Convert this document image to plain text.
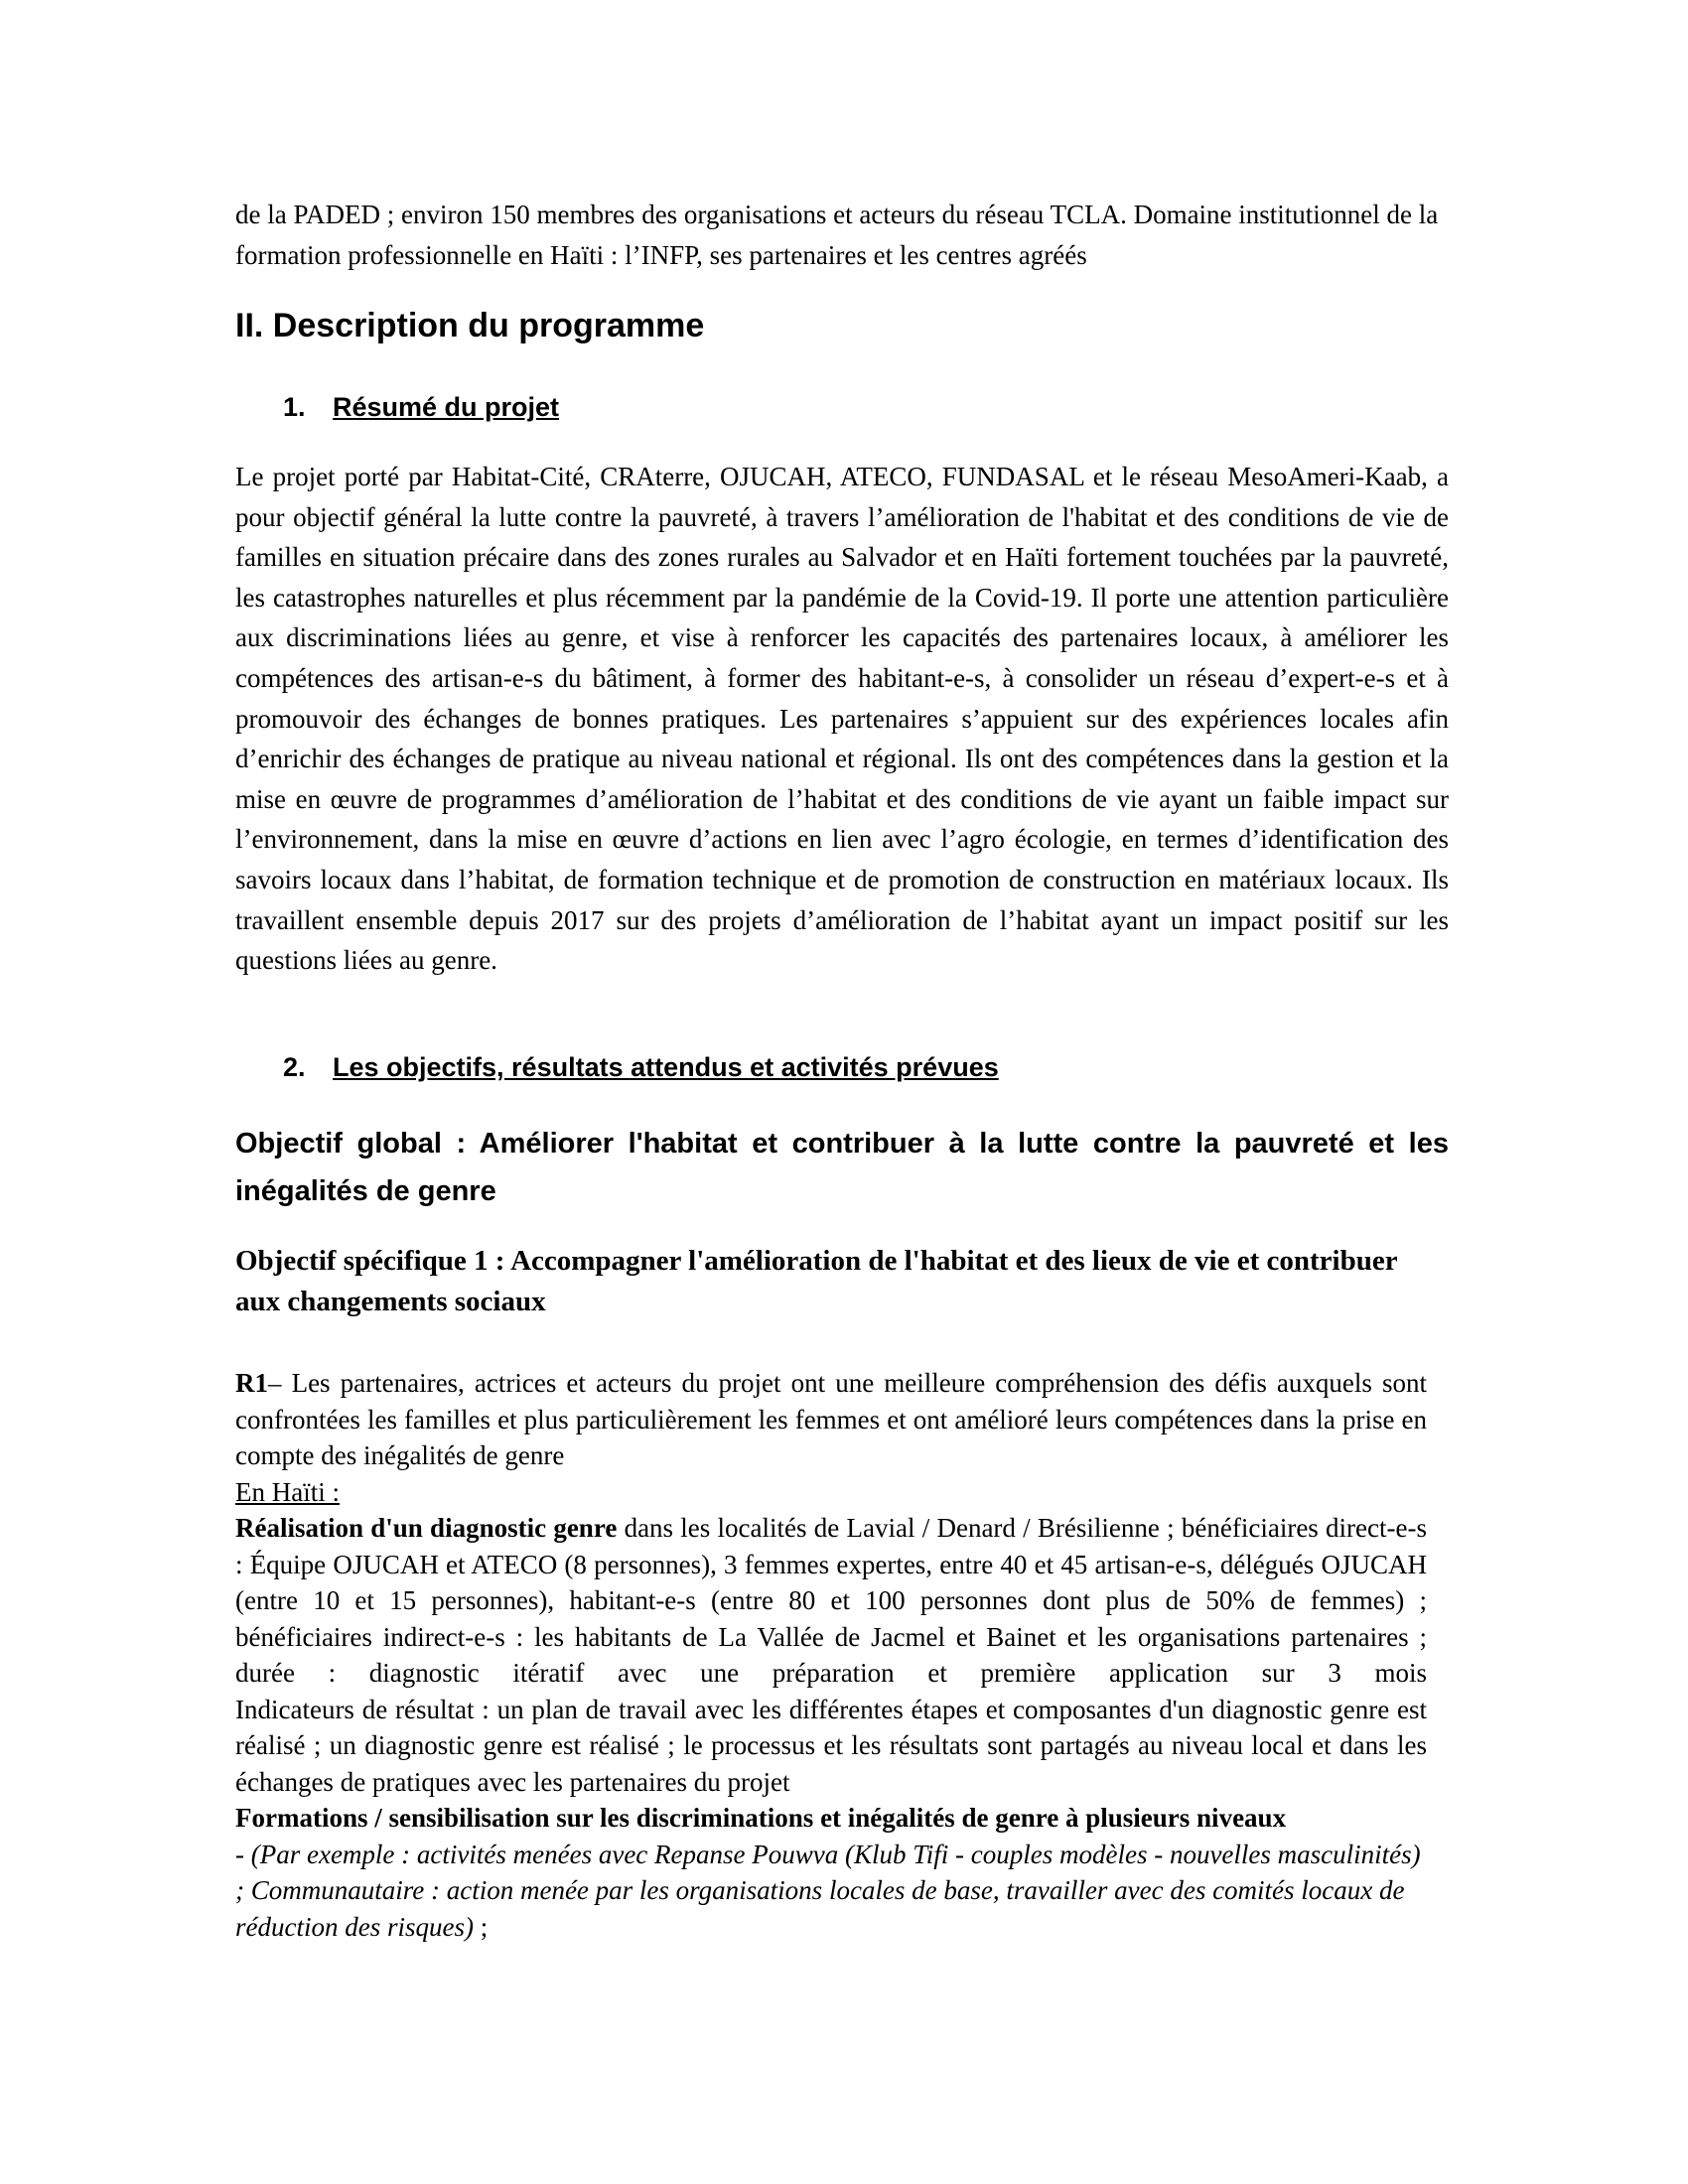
de la PADED ; environ 150 membres des organisations et acteurs du réseau TCLA. Domaine institutionnel de la formation professionnelle en Haïti : l’INFP, ses partenaires et les centres agréés

II. Description du programme
1. Résumé du projet

Le projet porté par Habitat-Cité, CRAterre, OJUCAH, ATECO, FUNDASAL et le réseau MesoAmeri-Kaab, a pour objectif général la lutte contre la pauvreté, à travers l’amélioration de l'habitat et des conditions de vie de familles en situation précaire dans des zones rurales au Salvador et en Haïti fortement touchées par la pauvreté, les catastrophes naturelles et plus récemment par la pandémie de la Covid-19. Il porte une attention particulière aux discriminations liées au genre, et vise à renforcer les capacités des partenaires locaux, à améliorer les compétences des artisan-e-s du bâtiment, à former des habitant-e-s, à consolider un réseau d’expert-e-s et à promouvoir des échanges de bonnes pratiques. Les partenaires s’appuient sur des expériences locales afin d’enrichir des échanges de pratique au niveau national et régional. Ils ont des compétences dans la gestion et la mise en œuvre de programmes d’amélioration de l’habitat et des conditions de vie ayant un faible impact sur l’environnement, dans la mise en œuvre d’actions en lien avec l’agro écologie, en termes d’identification des savoirs locaux dans l’habitat, de formation technique et de promotion de construction en matériaux locaux. Ils travaillent ensemble depuis 2017 sur des projets d’amélioration de l’habitat ayant un impact positif sur les questions liées au genre.

2. Les objectifs, résultats attendus et activités prévues

Objectif global : Améliorer l'habitat et contribuer à la lutte contre la pauvreté et les inégalités de genre

Objectif spécifique 1 : Accompagner l'amélioration de l'habitat et des lieux de vie et contribuer aux changements sociaux

R1– Les partenaires, actrices et acteurs du projet ont une meilleure compréhension des défis auxquels sont confrontées les familles et plus particulièrement les femmes et ont amélioré leurs compétences dans la prise en compte des inégalités de genre

En Haïti :

Réalisation d'un diagnostic genre dans les localités de Lavial / Denard / Brésilienne ; bénéficiaires direct-e-s : Équipe OJUCAH et ATECO (8 personnes), 3 femmes expertes, entre 40 et 45 artisan-e-s, délégués OJUCAH (entre 10 et 15 personnes), habitant-e-s (entre 80 et 100 personnes dont plus de 50% de femmes) ; bénéficiaires indirect-e-s : les habitants de La Vallée de Jacmel et Bainet et les organisations partenaires ; durée : diagnostic itératif avec une préparation et première application sur 3 mois

Indicateurs de résultat : un plan de travail avec les différentes étapes et composantes d'un diagnostic genre est réalisé ; un diagnostic genre est réalisé ; le processus et les résultats sont partagés au niveau local et dans les échanges de pratiques avec les partenaires du projet

Formations / sensibilisation sur les discriminations et inégalités de genre à plusieurs niveaux
- (Par exemple : activités menées avec Repanse Pouwva (Klub Tifi - couples modèles - nouvelles masculinités) ; Communautaire : action menée par les organisations locales de base, travailler avec des comités locaux de réduction des risques) ;
